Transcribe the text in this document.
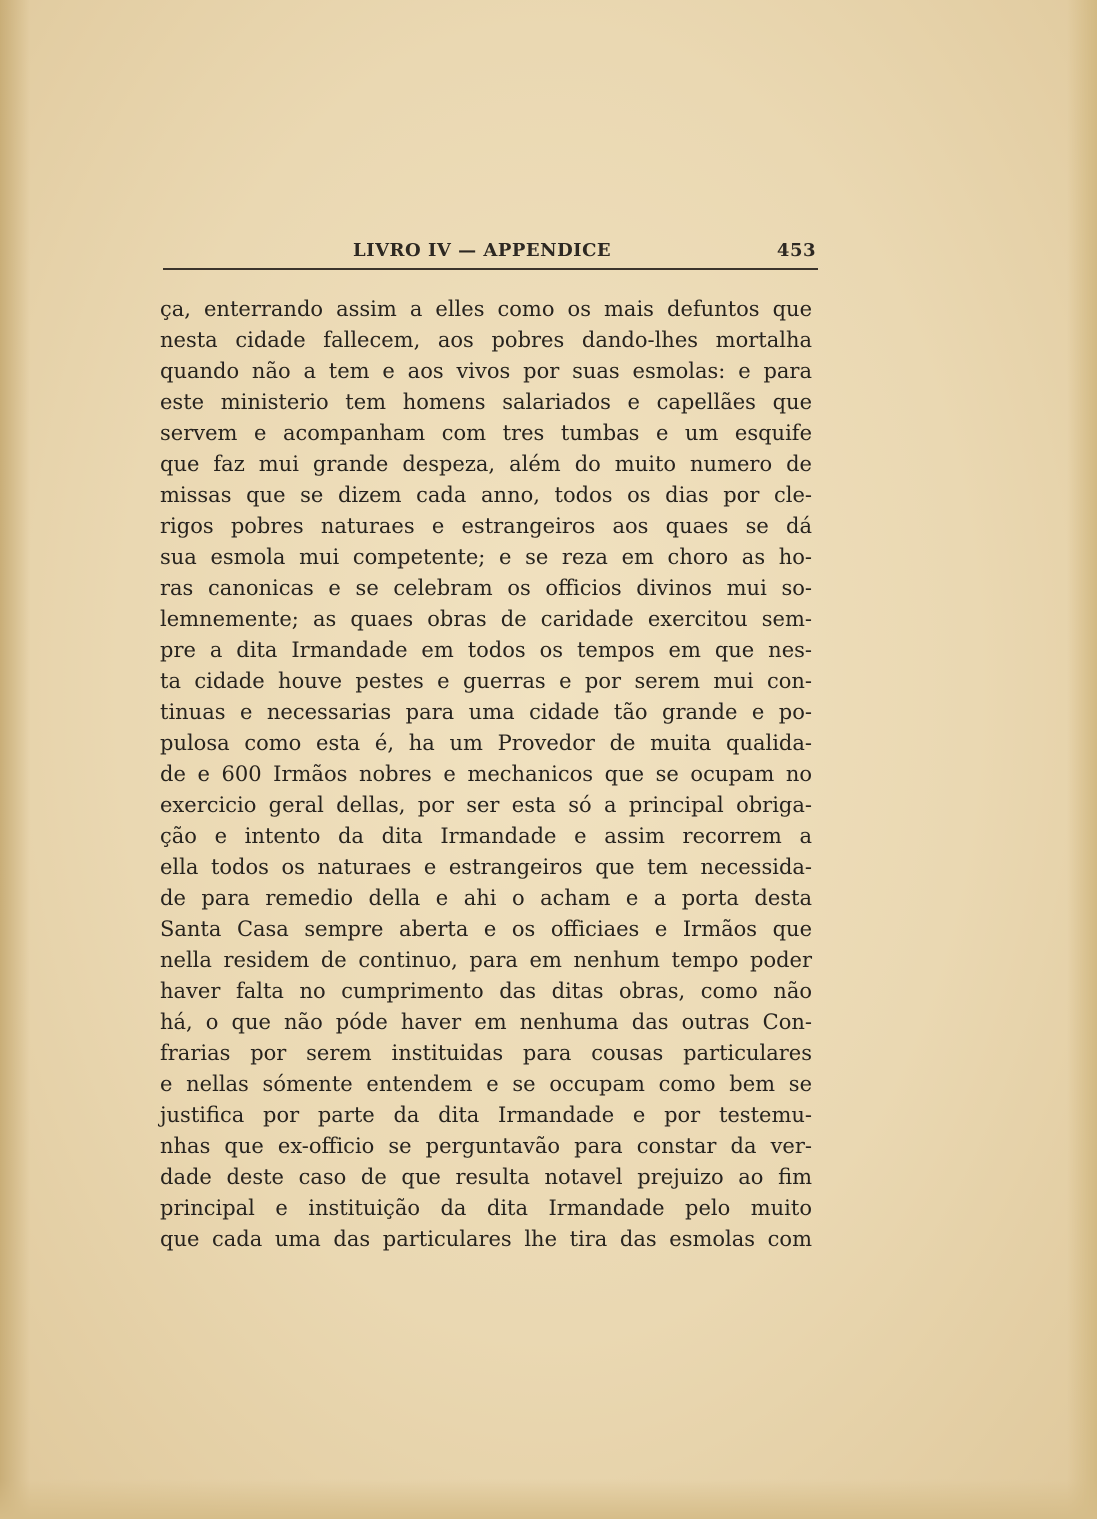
LIVRO IV — APPENDICE	453
ça, enterrando assim a elles como os mais defuntos que
nesta cidade fallecem, aos pobres dando-lhes mortalha
quando não a tem e aos vivos por suas esmolas: e para
este ministerio tem homens salariados e capellães que
servem e acompanham com tres tumbas e um esquife
que faz mui grande despeza, além do muito numero de
missas que se dizem cada anno, todos os dias por cle-
rigos pobres naturaes e estrangeiros aos quaes se dá
sua esmola mui competente; e se reza em choro as ho-
ras canonicas e se celebram os officios divinos mui so-
lemnemente; as quaes obras de caridade exercitou sem-
pre a dita Irmandade em todos os tempos em que nes-
ta cidade houve pestes e guerras e por serem mui con-
tinuas e necessarias para uma cidade tão grande e po-
pulosa como esta é, ha um Provedor de muita qualida-
de e 600 Irmãos nobres e mechanicos que se ocupam no
exercicio geral dellas, por ser esta só a principal obriga-
ção e intento da dita Irmandade e assim recorrem a
ella todos os naturaes e estrangeiros que tem necessida-
de para remedio della e ahi o acham e a porta desta
Santa Casa sempre aberta e os officiaes e Irmãos que
nella residem de continuo, para em nenhum tempo poder
haver falta no cumprimento das ditas obras, como não
há, o que não póde haver em nenhuma das outras Con-
frarias por serem instituidas para cousas particulares
e nellas sómente entendem e se occupam como bem se
justifica por parte da dita Irmandade e por testemu-
nhas que ex-officio se perguntavão para constar da ver-
dade deste caso de que resulta notavel prejuizo ao fim
principal e instituição da dita Irmandade pelo muito
que cada uma das particulares lhe tira das esmolas com
